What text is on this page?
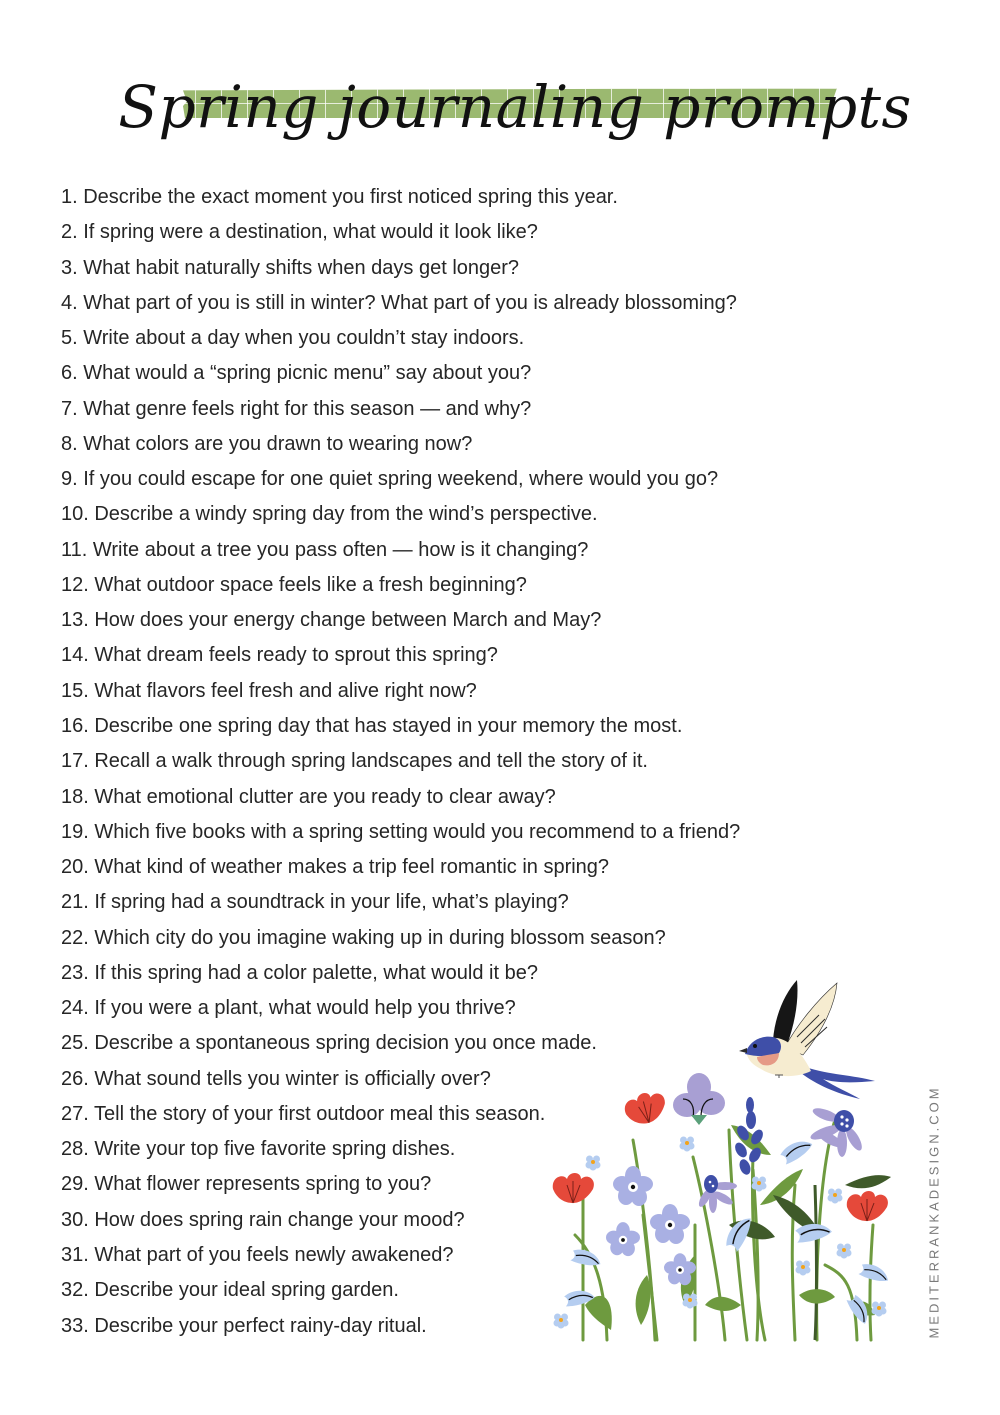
Spring journaling prompts
1. Describe the exact moment you first noticed spring this year.
2. If spring were a destination, what would it look like?
3. What habit naturally shifts when days get longer?
4. What part of you is still in winter? What part of you is already blossoming?
5. Write about a day when you couldn’t stay indoors.
6. What would a “spring picnic menu” say about you?
7. What genre feels right for this season — and why?
8. What colors are you drawn to wearing now?
9. If you could escape for one quiet spring weekend, where would you go?
10. Describe a windy spring day from the wind’s perspective.
11. Write about a tree you pass often — how is it changing?
12. What outdoor space feels like a fresh beginning?
13. How does your energy change between March and May?
14. What dream feels ready to sprout this spring?
15. What flavors feel fresh and alive right now?
16. Describe one spring day that has stayed in your memory the most.
17. Recall a walk through spring landscapes and tell the story of it.
18. What emotional clutter are you ready to clear away?
19. Which five books with a spring setting would you recommend to a friend?
20. What kind of weather makes a trip feel romantic in spring?
21. If spring had a soundtrack in your life, what’s playing?
22. Which city do you imagine waking up in during blossom season?
23. If this spring had a color palette, what would it be?
24. If you were a plant, what would help you thrive?
25. Describe a spontaneous spring decision you once made.
26. What sound tells you winter is officially over?
27. Tell the story of your first outdoor meal this season.
28. Write your top five favorite spring dishes.
29. What flower represents spring to you?
30. How does spring rain change your mood?
31. What part of you feels newly awakened?
32. Describe your ideal spring garden.
33. Describe your perfect rainy-day ritual.	MEDITERRANKADESIGN.COM
